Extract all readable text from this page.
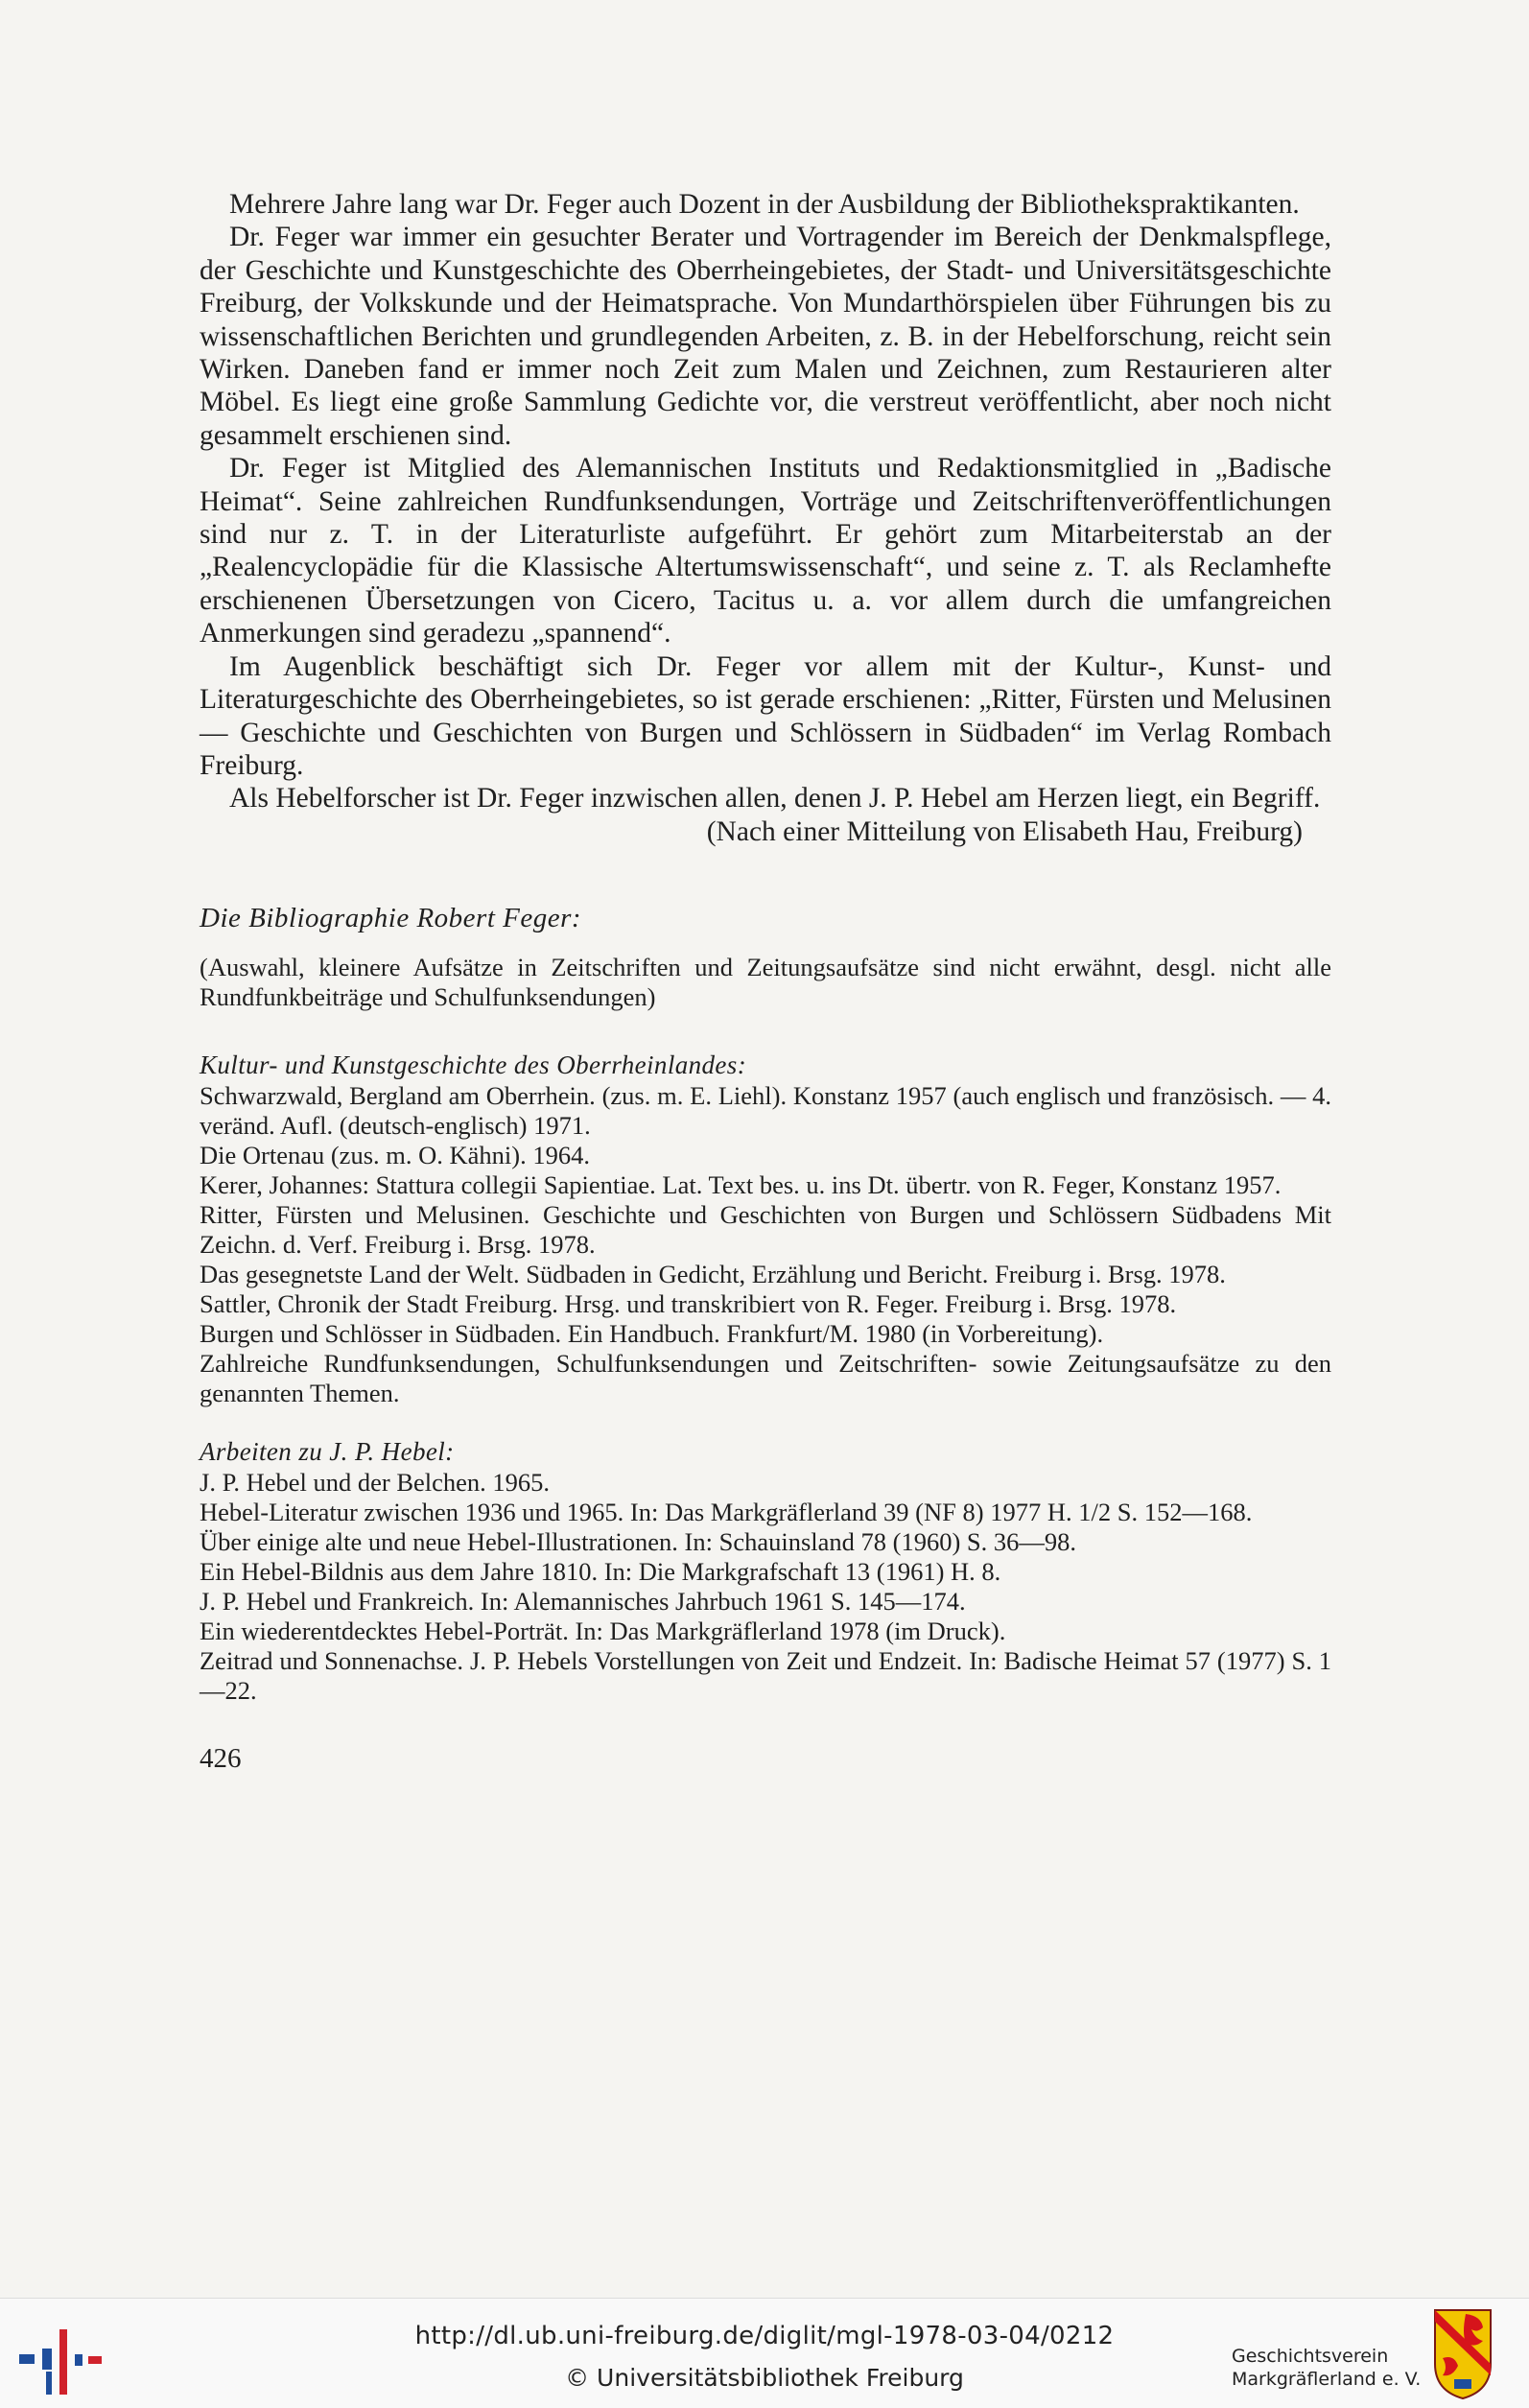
Mehrere Jahre lang war Dr. Feger auch Dozent in der Ausbildung der Bibliothekspraktikanten.

Dr. Feger war immer ein gesuchter Berater und Vortragender im Bereich der Denkmalspflege, der Geschichte und Kunstgeschichte des Oberrheingebietes, der Stadt- und Universitätsgeschichte Freiburg, der Volkskunde und der Heimatsprache. Von Mundarthörspielen über Führungen bis zu wissenschaftlichen Berichten und grundlegenden Arbeiten, z. B. in der Hebelforschung, reicht sein Wirken. Daneben fand er immer noch Zeit zum Malen und Zeichnen, zum Restaurieren alter Möbel. Es liegt eine große Sammlung Gedichte vor, die verstreut veröffentlicht, aber noch nicht gesammelt erschienen sind.

Dr. Feger ist Mitglied des Alemannischen Instituts und Redaktionsmitglied in „Badische Heimat“. Seine zahlreichen Rundfunksendungen, Vorträge und Zeitschriftenveröffentlichungen sind nur z. T. in der Literaturliste aufgeführt. Er gehört zum Mitarbeiterstab an der „Realencyclopädie für die Klassische Altertumswissenschaft“, und seine z. T. als Reclamhefte erschienenen Übersetzungen von Cicero, Tacitus u. a. vor allem durch die umfangreichen Anmerkungen sind geradezu „spannend“.

Im Augenblick beschäftigt sich Dr. Feger vor allem mit der Kultur-, Kunst- und Literaturgeschichte des Oberrheingebietes, so ist gerade erschienen: „Ritter, Fürsten und Melusinen — Geschichte und Geschichten von Burgen und Schlössern in Südbaden“ im Verlag Rombach Freiburg.

Als Hebelforscher ist Dr. Feger inzwischen allen, denen J. P. Hebel am Herzen liegt, ein Begriff.

(Nach einer Mitteilung von Elisabeth Hau, Freiburg)

Die Bibliographie Robert Feger:

(Auswahl, kleinere Aufsätze in Zeitschriften und Zeitungsaufsätze sind nicht erwähnt, desgl. nicht alle Rundfunkbeiträge und Schulfunksendungen)

Kultur- und Kunstgeschichte des Oberrheinlandes:

Schwarzwald, Bergland am Oberrhein. (zus. m. E. Liehl). Konstanz 1957 (auch englisch und französisch. — 4. veränd. Aufl. (deutsch-englisch) 1971.

Die Ortenau (zus. m. O. Kähni). 1964.

Kerer, Johannes: Stattura collegii Sapientiae. Lat. Text bes. u. ins Dt. übertr. von R. Feger, Konstanz 1957.

Ritter, Fürsten und Melusinen. Geschichte und Geschichten von Burgen und Schlössern Südbadens Mit Zeichn. d. Verf. Freiburg i. Brsg. 1978.

Das gesegnetste Land der Welt. Südbaden in Gedicht, Erzählung und Bericht. Freiburg i. Brsg. 1978.

Sattler, Chronik der Stadt Freiburg. Hrsg. und transkribiert von R. Feger. Freiburg i. Brsg. 1978.

Burgen und Schlösser in Südbaden. Ein Handbuch. Frankfurt/M. 1980 (in Vorbereitung).

Zahlreiche Rundfunksendungen, Schulfunksendungen und Zeitschriften- sowie Zeitungsaufsätze zu den genannten Themen.

Arbeiten zu J. P. Hebel:

J. P. Hebel und der Belchen. 1965.

Hebel-Literatur zwischen 1936 und 1965. In: Das Markgräflerland 39 (NF 8) 1977 H. 1/2 S. 152—168.

Über einige alte und neue Hebel-Illustrationen. In: Schauinsland 78 (1960) S. 36—98.

Ein Hebel-Bildnis aus dem Jahre 1810. In: Die Markgrafschaft 13 (1961) H. 8.

J. P. Hebel und Frankreich. In: Alemannisches Jahrbuch 1961 S. 145—174.

Ein wiederentdecktes Hebel-Porträt. In: Das Markgräflerland 1978 (im Druck).

Zeitrad und Sonnenachse. J. P. Hebels Vorstellungen von Zeit und Endzeit. In: Badische Heimat 57 (1977) S. 1—22.

426

http://dl.ub.uni-freiburg.de/diglit/mgl-1978-03-04/0212
© Universitätsbibliothek Freiburg
Geschichtsverein
Markgräflerland e. V.
